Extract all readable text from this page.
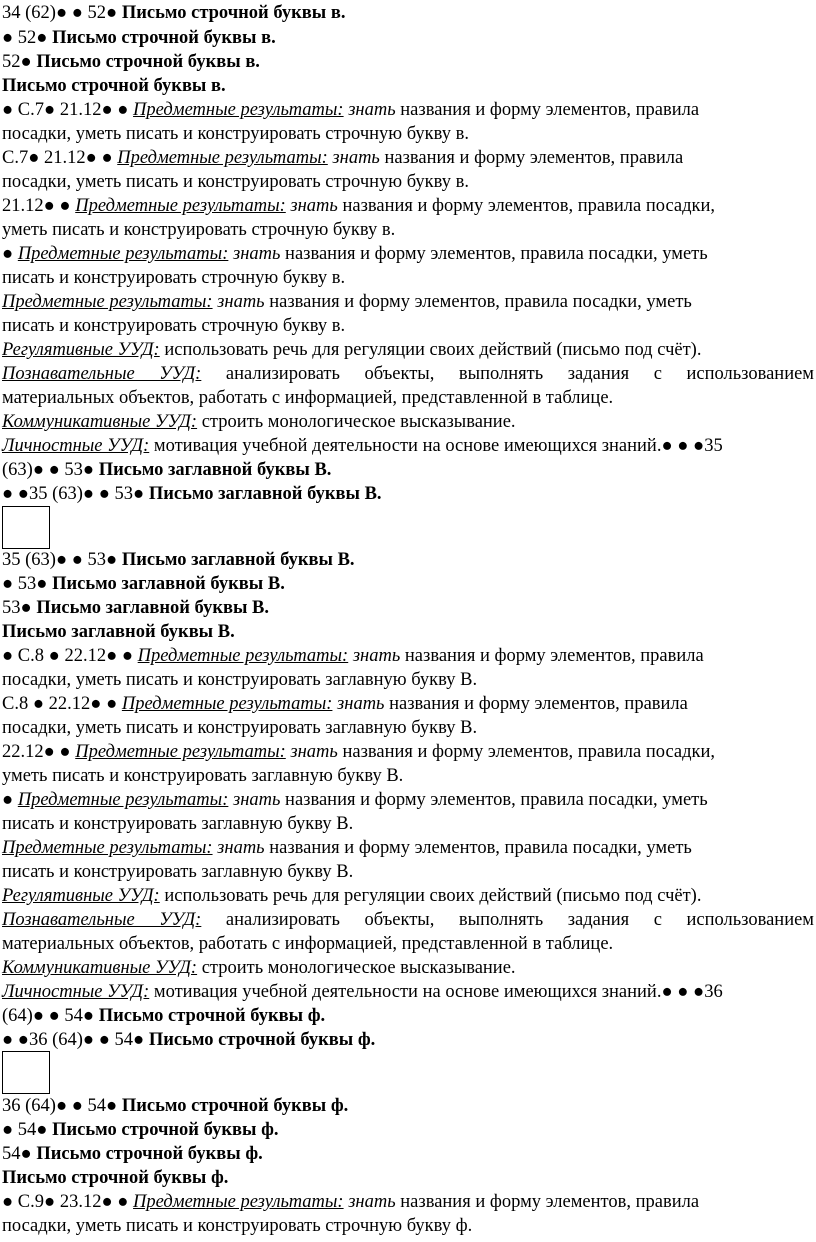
34 (62)● ● 52● Письмо строчной буквы в.
● 52● Письмо строчной буквы в.
52● Письмо строчной буквы в.
Письмо строчной буквы в.
● С.7● 21.12● ● Предметные результаты: знать названия и форму элементов, правила
посадки, уметь писать и конструировать строчную букву в.
С.7● 21.12● ● Предметные результаты: знать названия и форму элементов, правила
посадки, уметь писать и конструировать строчную букву в.
21.12● ● Предметные результаты: знать названия и форму элементов, правила посадки,
уметь писать и конструировать строчную букву в.
● Предметные результаты: знать названия и форму элементов, правила посадки, уметь
писать и конструировать строчную букву в.
Предметные результаты: знать названия и форму элементов, правила посадки, уметь
писать и конструировать строчную букву в.
Регулятивные УУД: использовать речь для регуляции своих действий (письмо под счёт).
Познавательные УУД: анализировать объекты, выполнять задания с использованием
материальных объектов, работать с информацией, представленной в таблице.
Коммуникативные УУД: строить монологическое высказывание.
Личностные УУД: мотивация учебной деятельности на основе имеющихся знаний.● ● ●35
(63)● ● 53● Письмо заглавной буквы В.
● ●35 (63)● ● 53● Письмо заглавной буквы В.
35 (63)● ● 53● Письмо заглавной буквы В.
● 53● Письмо заглавной буквы В.
53● Письмо заглавной буквы В.
Письмо заглавной буквы В.
● С.8 ● 22.12● ● Предметные результаты: знать названия и форму элементов, правила
посадки, уметь писать и конструировать заглавную букву В.
С.8 ● 22.12● ● Предметные результаты: знать названия и форму элементов, правила
посадки, уметь писать и конструировать заглавную букву В.
22.12● ● Предметные результаты: знать названия и форму элементов, правила посадки,
уметь писать и конструировать заглавную букву В.
● Предметные результаты: знать названия и форму элементов, правила посадки, уметь
писать и конструировать заглавную букву В.
Предметные результаты: знать названия и форму элементов, правила посадки, уметь
писать и конструировать заглавную букву В.
Регулятивные УУД: использовать речь для регуляции своих действий (письмо под счёт).
Познавательные УУД: анализировать объекты, выполнять задания с использованием
материальных объектов, работать с информацией, представленной в таблице.
Коммуникативные УУД: строить монологическое высказывание.
Личностные УУД: мотивация учебной деятельности на основе имеющихся знаний.● ● ●36
(64)● ● 54● Письмо строчной буквы ф.
● ●36 (64)● ● 54● Письмо строчной буквы ф.
36 (64)● ● 54● Письмо строчной буквы ф.
● 54● Письмо строчной буквы ф.
54● Письмо строчной буквы ф.
Письмо строчной буквы ф.
● С.9● 23.12● ● Предметные результаты: знать названия и форму элементов, правила
посадки, уметь писать и конструировать строчную букву ф.
